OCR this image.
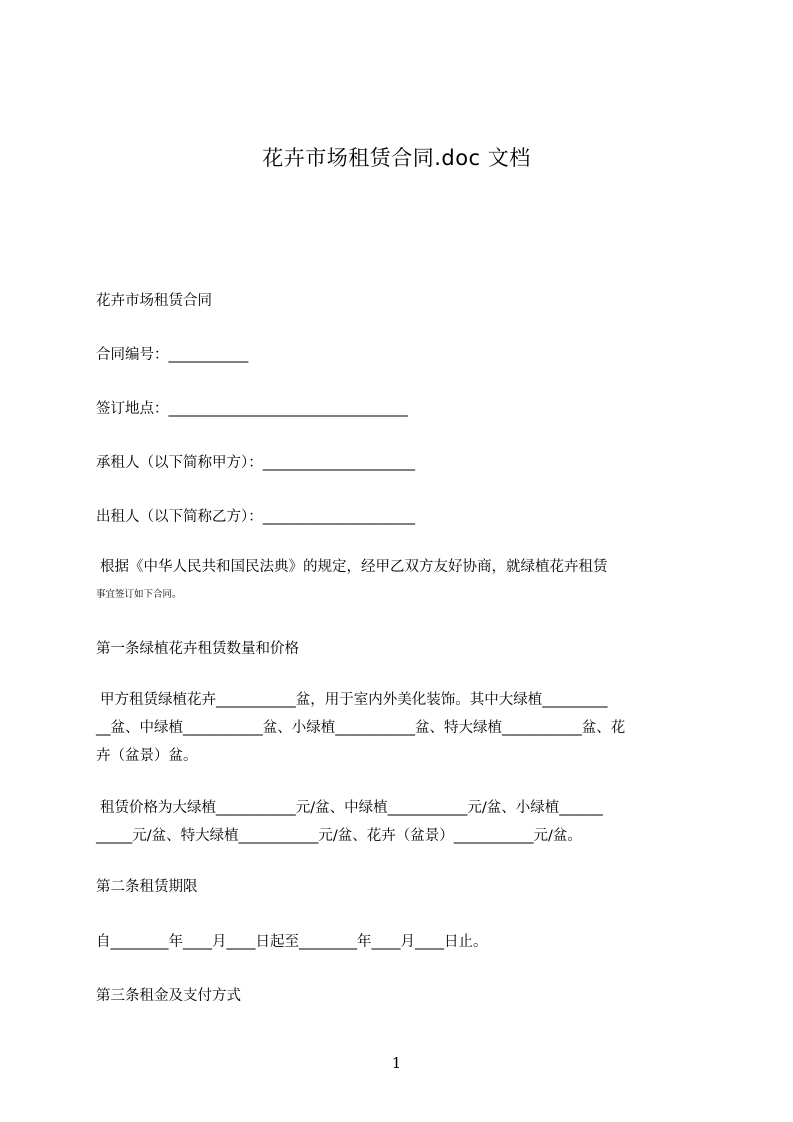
花卉市场租赁合同.doc 文档
花卉市场租赁合同
合同编号：___________
签订地点：_________________________________
承租人（以下简称甲方）：_____________________
出租人（以下简称乙方）：_____________________
根据《中华人民共和国民法典》的规定，经甲乙双方友好协商，就绿植花卉租赁
事宜签订如下合同。
第一条绿植花卉租赁数量和价格
甲方租赁绿植花卉___________盆，用于室内外美化装饰。其中大绿植_________
__盆、中绿植___________盆、小绿植___________盆、特大绿植___________盆、花
卉（盆景）盆。
租赁价格为大绿植___________元/盆、中绿植___________元/盆、小绿植______
_____元/盆、特大绿植___________元/盆、花卉（盆景）___________元/盆。
第二条租赁期限
自________年____月____日起至________年____月____日止。
第三条租金及支付方式
1
